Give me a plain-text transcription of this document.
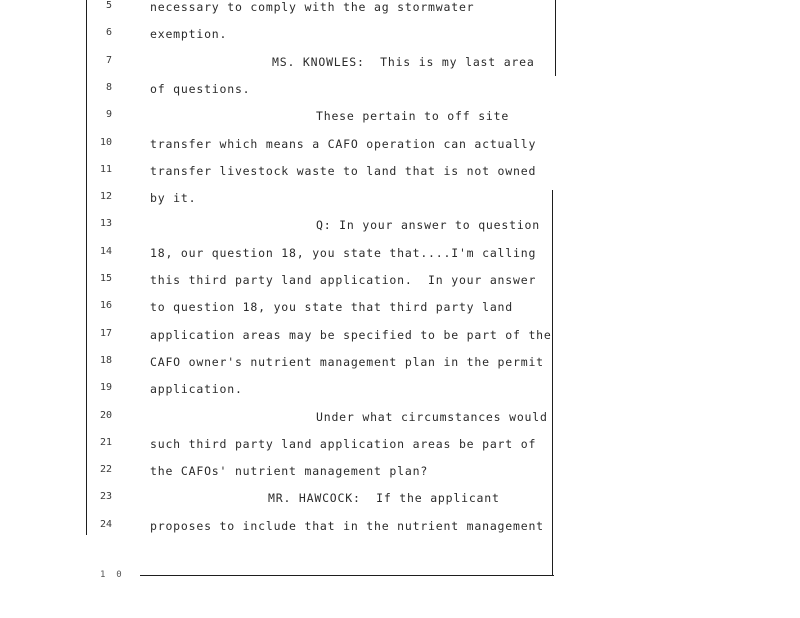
5	necessary to comply with the ag stormwater
6	exemption.
7	MS. KNOWLES:  This is my last area
8	of questions.
9	These pertain to off site
10	transfer which means a CAFO operation can actually
11	transfer livestock waste to land that is not owned
12	by it.
13	Q: In your answer to question
14	18, our question 18, you state that....I'm calling
15	this third party land application.  In your answer
16	to question 18, you state that third party land
17	application areas may be specified to be part of the
18	CAFO owner's nutrient management plan in the permit
19	application.
20	Under what circumstances would
21	such third party land application areas be part of
22	the CAFOs' nutrient management plan?
23	MR. HAWCOCK:  If the applicant
24	proposes to include that in the nutrient management
1  0
